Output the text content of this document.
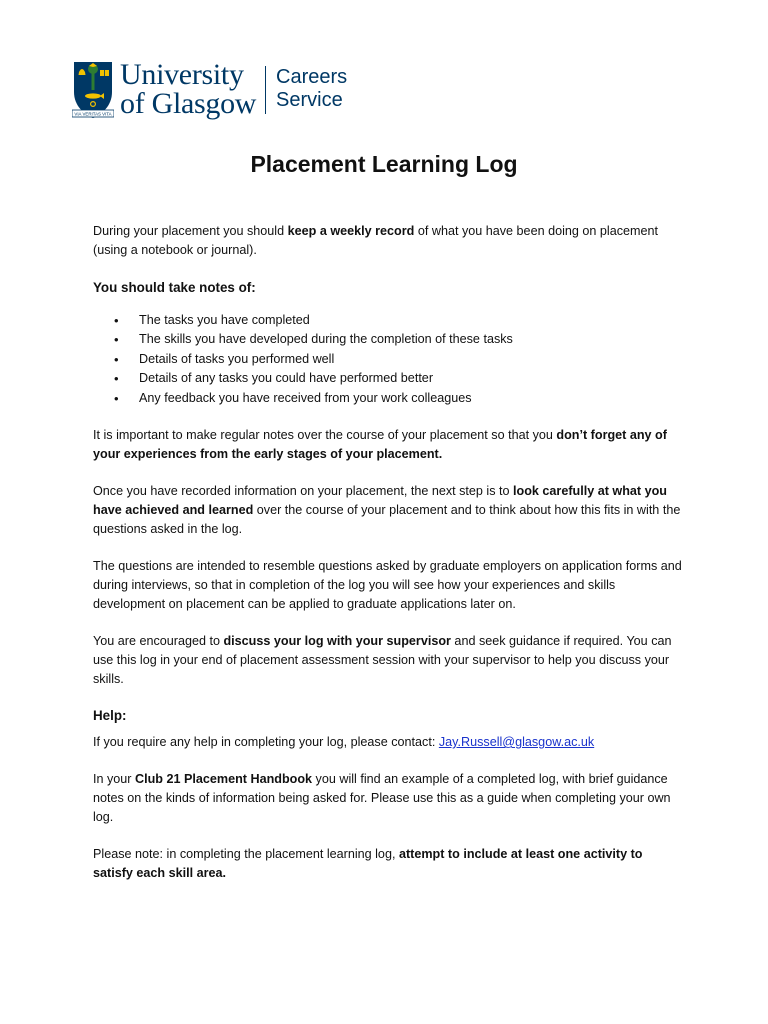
VIA VERITAS VITA
University
of Glasgow
Careers
Service
Placement Learning Log

During your placement you should keep a weekly record of what you have been doing on placement (using a notebook or journal).

You should take notes of:

• The tasks you have completed
• The skills you have developed during the completion of these tasks
• Details of tasks you performed well
• Details of any tasks you could have performed better
• Any feedback you have received from your work colleagues

It is important to make regular notes over the course of your placement so that you don’t forget any of your experiences from the early stages of your placement.

Once you have recorded information on your placement, the next step is to look carefully at what you have achieved and learned over the course of your placement and to think about how this fits in with the questions asked in the log.

The questions are intended to resemble questions asked by graduate employers on application forms and during interviews, so that in completion of the log you will see how your experiences and skills development on placement can be applied to graduate applications later on.

You are encouraged to discuss your log with your supervisor and seek guidance if required. You can use this log in your end of placement assessment session with your supervisor to help you discuss your skills.

Help:

If you require any help in completing your log, please contact: Jay.Russell@glasgow.ac.uk

In your Club 21 Placement Handbook you will find an example of a completed log, with brief guidance notes on the kinds of information being asked for. Please use this as a guide when completing your own log.

Please note: in completing the placement learning log, attempt to include at least one activity to satisfy each skill area.
